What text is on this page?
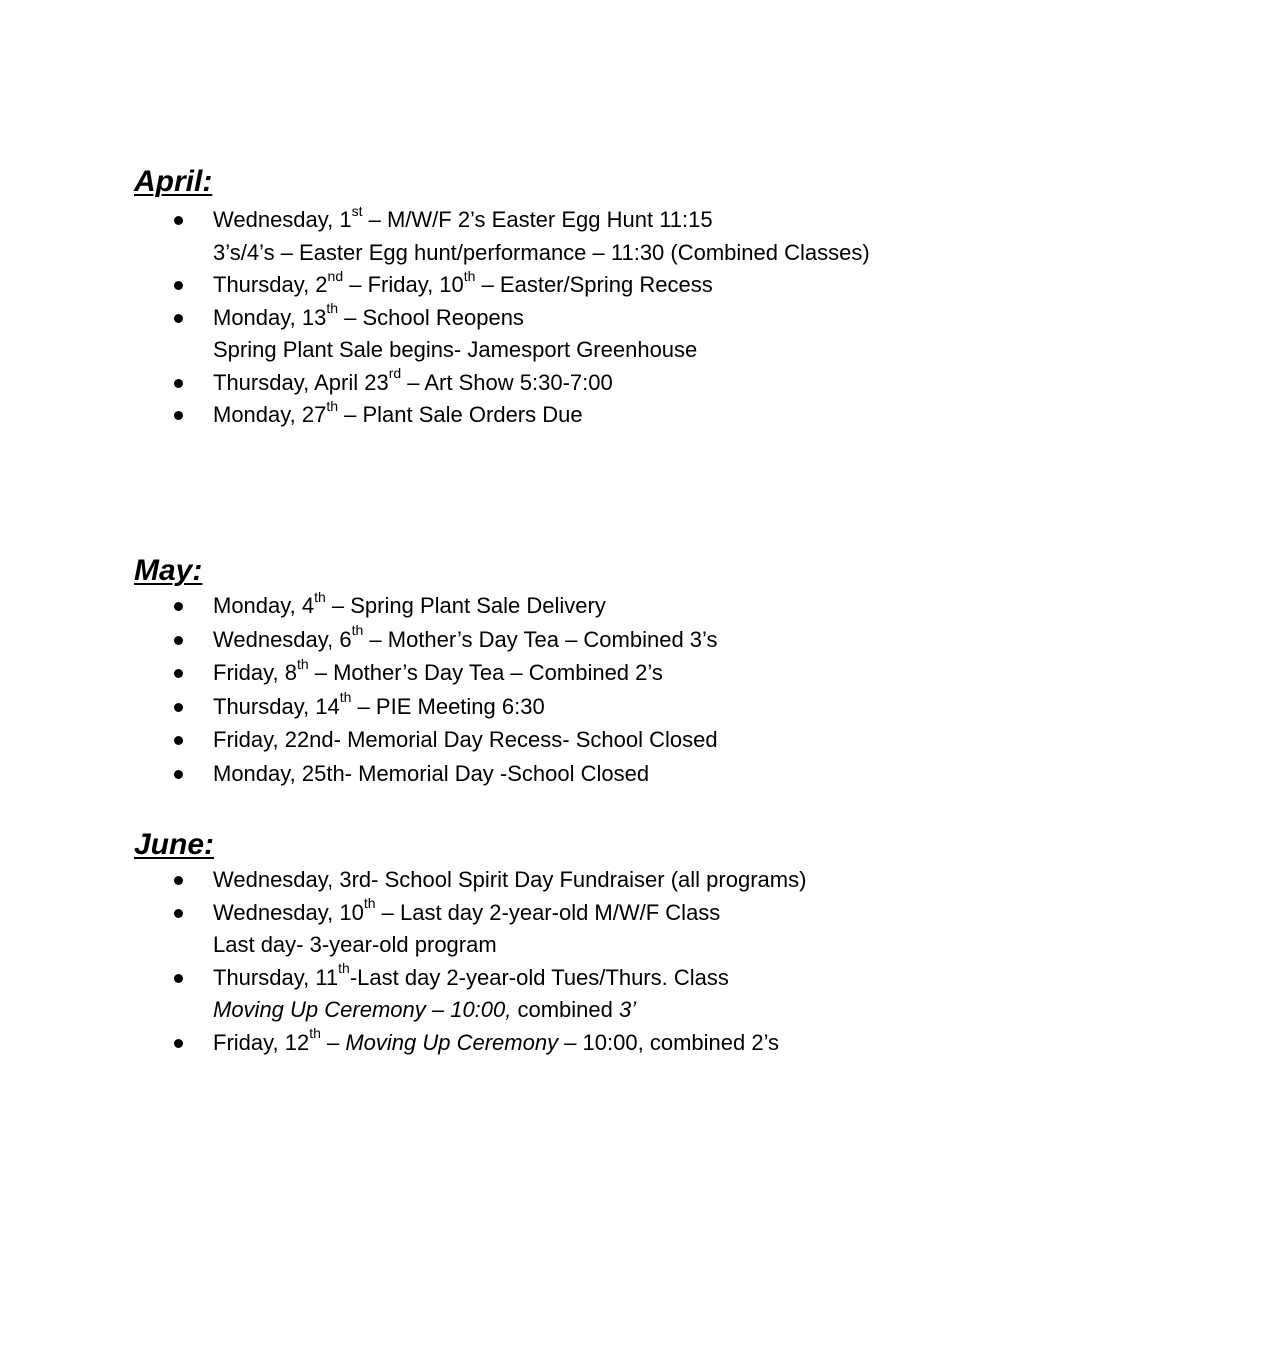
April:
Wednesday, 1st – M/W/F 2’s Easter Egg Hunt 11:15
3’s/4’s – Easter Egg hunt/performance – 11:30 (Combined Classes)
Thursday, 2nd – Friday, 10th – Easter/Spring Recess
Monday, 13th – School Reopens
Spring Plant Sale begins- Jamesport Greenhouse
Thursday, April 23rd – Art Show 5:30-7:00
Monday, 27th – Plant Sale Orders Due
May:
Monday, 4th – Spring Plant Sale Delivery
Wednesday, 6th – Mother’s Day Tea – Combined 3’s
Friday, 8th – Mother’s Day Tea – Combined 2’s
Thursday, 14th – PIE Meeting 6:30
Friday, 22nd- Memorial Day Recess- School Closed
Monday, 25th- Memorial Day -School Closed
June:
Wednesday, 3rd- School Spirit Day Fundraiser (all programs)
Wednesday, 10th – Last day 2-year-old M/W/F Class
Last day- 3-year-old program
Thursday, 11th-Last day 2-year-old Tues/Thurs. Class
Moving Up Ceremony – 10:00, combined 3’
Friday, 12th – Moving Up Ceremony – 10:00, combined 2’s
